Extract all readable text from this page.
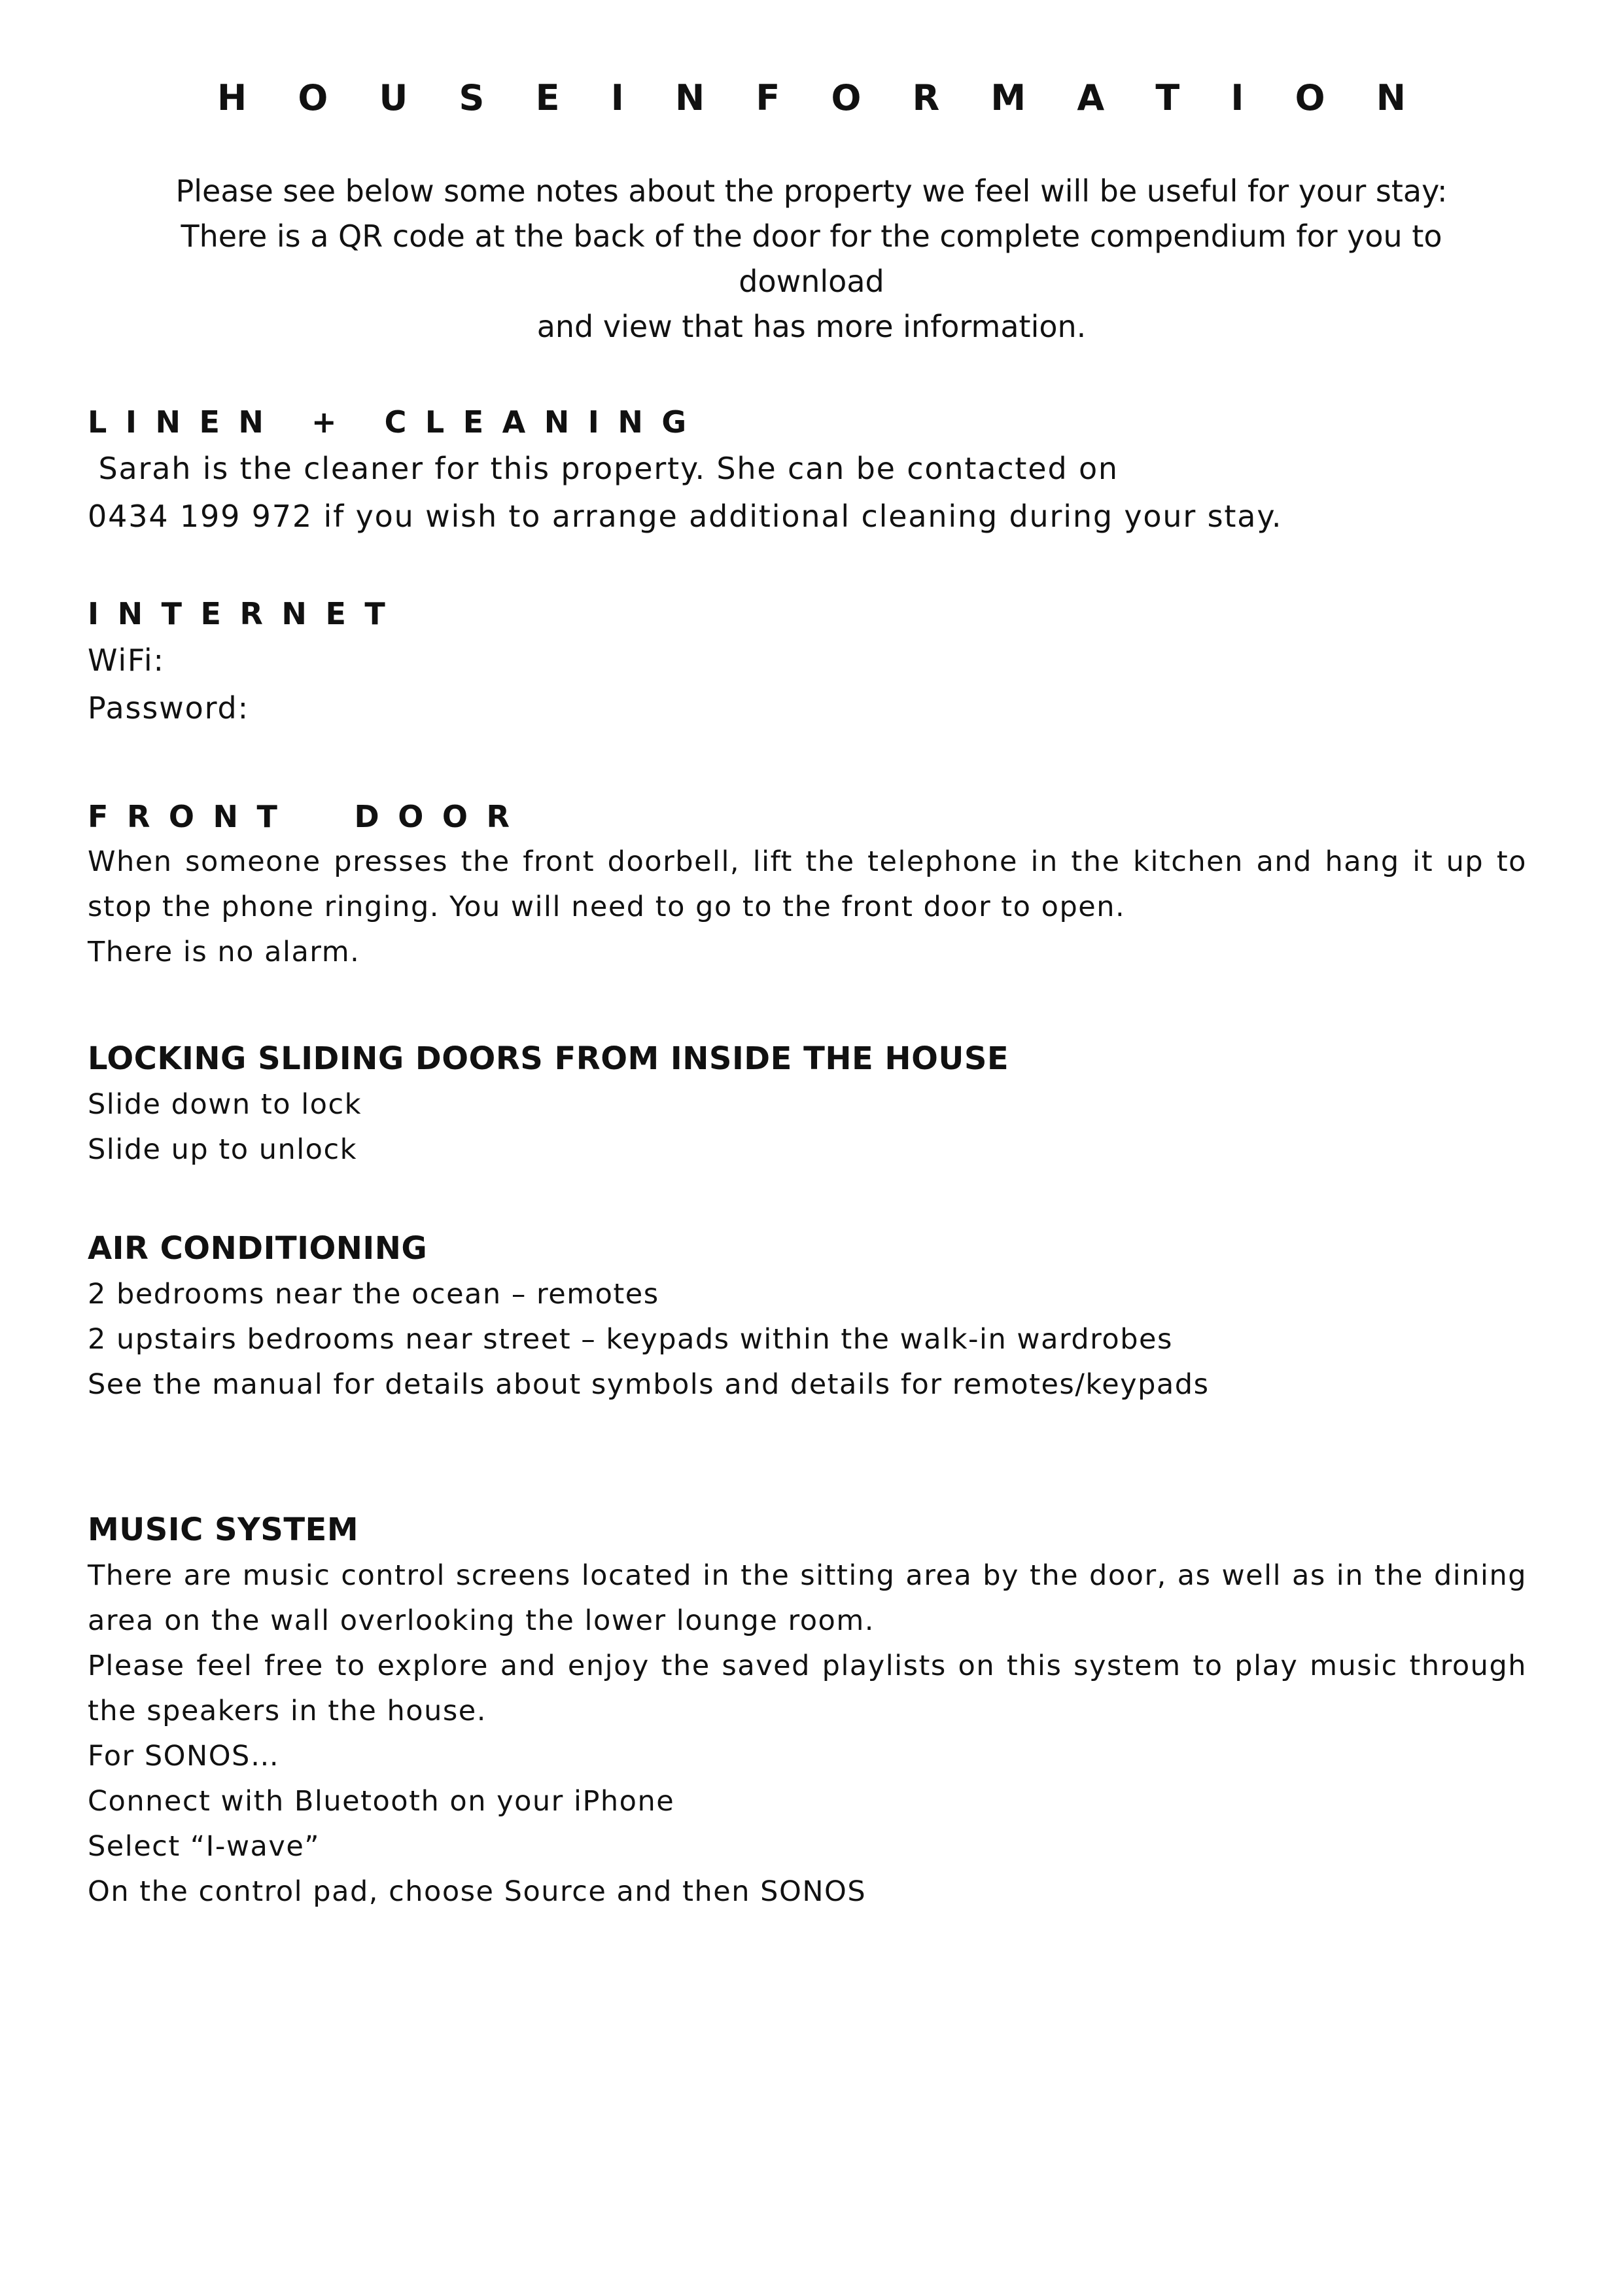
H O U S E I N F O R M A T I O N
Please see below some notes about the property we feel will be useful for your stay:
There is a QR code at the back of the door for the complete compendium for you to
download
and view that has more information.
LINEN + CLEANING
Sarah is the cleaner for this property. She can be contacted on
0434 199 972 if you wish to arrange additional cleaning during your stay.
INTERNET
WiFi:
Password:
FRONT  DOOR
When someone presses the front doorbell, lift the telephone in the kitchen and hang it up to stop the phone ringing. You will need to go to the front door to open.
There is no alarm.
LOCKING SLIDING DOORS FROM INSIDE THE HOUSE
Slide down to lock
Slide up to unlock
AIR CONDITIONING
2 bedrooms near the ocean – remotes
2 upstairs bedrooms near street – keypads within the walk-in wardrobes
See the manual for details about symbols and details for remotes/keypads
MUSIC SYSTEM
There are music control screens located in the sitting area by the door, as well as in the dining area on the wall overlooking the lower lounge room.
Please feel free to explore and enjoy the saved playlists on this system to play music through the speakers in the house.
For SONOS…
Connect with Bluetooth on your iPhone
Select “I-wave”
On the control pad, choose Source and then SONOS
